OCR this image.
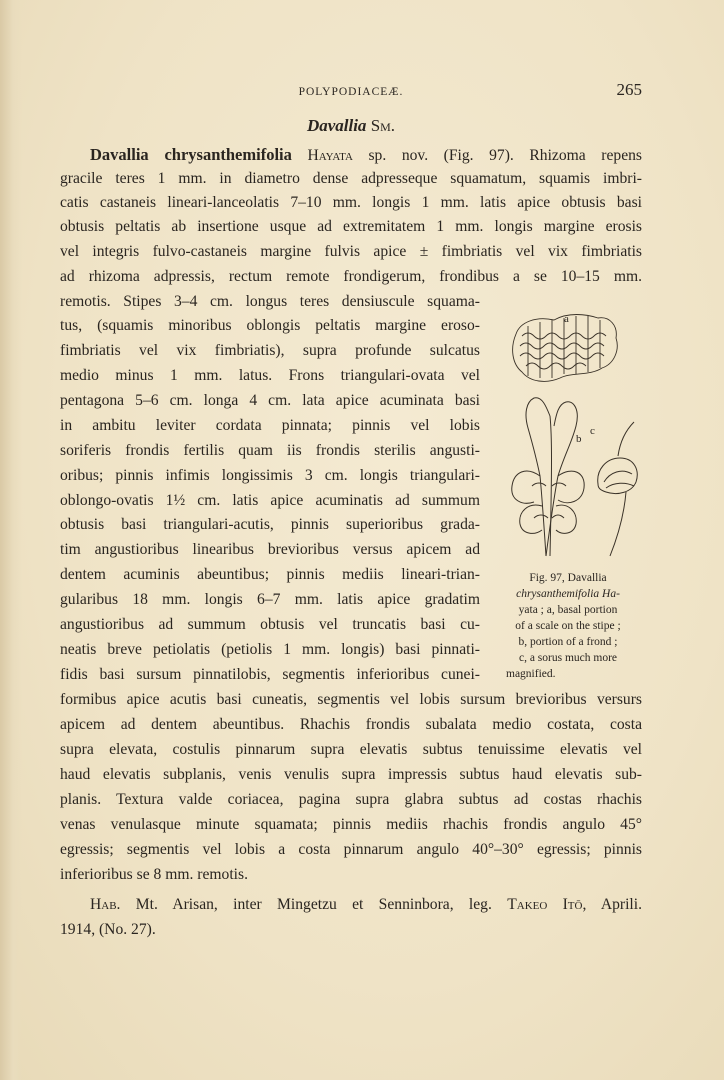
POLYPODIACEÆ.	265
Davallia Sm.
Davallia chrysanthemifolia Hayata sp. nov. (Fig. 97). Rhizoma repens
gracile teres 1 mm. in diametro dense adpresseque squamatum, squamis imbri-
catis castaneis lineari-lanceolatis 7–10 mm. longis 1 mm. latis apice obtusis basi
obtusis peltatis ab insertione usque ad extremitatem 1 mm. longis margine erosis
vel integris fulvo-castaneis margine fulvis apice ± fimbriatis vel vix fimbriatis
ad rhizoma adpressis, rectum remote frondigerum, frondibus a se 10–15 mm.
remotis. Stipes 3–4 cm. longus teres densiuscule squama-
tus, (squamis minoribus oblongis peltatis margine eroso-
fimbriatis vel vix fimbriatis), supra profunde sulcatus
medio minus 1 mm. latus. Frons triangulari-ovata vel
pentagona 5–6 cm. longa 4 cm. lata apice acuminata basi
in ambitu leviter cordata pinnata; pinnis vel lobis
soriferis frondis fertilis quam iis frondis sterilis angusti-
oribus; pinnis infimis longissimis 3 cm. longis triangulari-
oblongo-ovatis 1½ cm. latis apice acuminatis ad summum
obtusis basi triangulari-acutis, pinnis superioribus grada-
tim angustioribus linearibus brevioribus versus apicem ad
dentem acuminis abeuntibus; pinnis mediis lineari-trian-
gularibus 18 mm. longis 6–7 mm. latis apice gradatim
angustioribus ad summum obtusis vel truncatis basi cu-
neatis breve petiolatis (petiolis 1 mm. longis) basi pinnati-
fidis basi sursum pinnatilobis, segmentis inferioribus cunei-
formibus apice acutis basi cuneatis, segmentis vel lobis sursum brevioribus versurs
apicem ad dentem abeuntibus. Rhachis frondis subalata medio costata, costa
supra elevata, costulis pinnarum supra elevatis subtus tenuissime elevatis vel
haud elevatis subplanis, venis venulis supra impressis subtus haud elevatis sub-
planis. Textura valde coriacea, pagina supra glabra subtus ad costas rhachis
venas venulasque minute squamata; pinnis mediis rhachis frondis angulo 45°
egressis; segmentis vel lobis a costa pinnarum angulo 40°–30° egressis; pinnis
inferioribus se 8 mm. remotis.
Hab. Mt. Arisan, inter Mingetzu et Senninbora, leg. Takeo Itō, Aprili.
1914, (No. 27).
a
b
c
Fig. 97, Davallia
chrysanthemifolia Ha-
yata ; a, basal portion
of a scale on the stipe ;
b, portion of a frond ;
c, a sorus much more
magnified.
